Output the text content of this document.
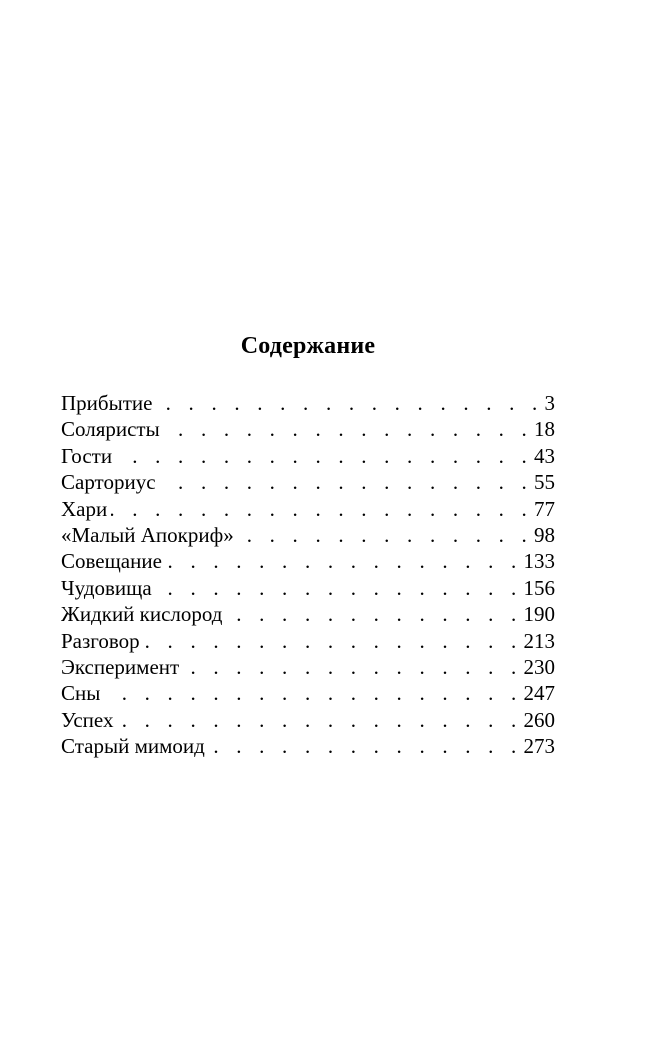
Содержание
Прибытие . . .	3
Соляристы . . .	18
Гости . . .	43
Сарториус . . .	55
Хари . . .	77
«Малый Апокриф» . . .	98
Совещание . . .	133
Чудовища . . .	156
Жидкий кислород . . .	190
Разговор . . .	213
Эксперимент . . .	230
Сны . . .	247
Успех . . .	260
Старый мимоид . . .	273
